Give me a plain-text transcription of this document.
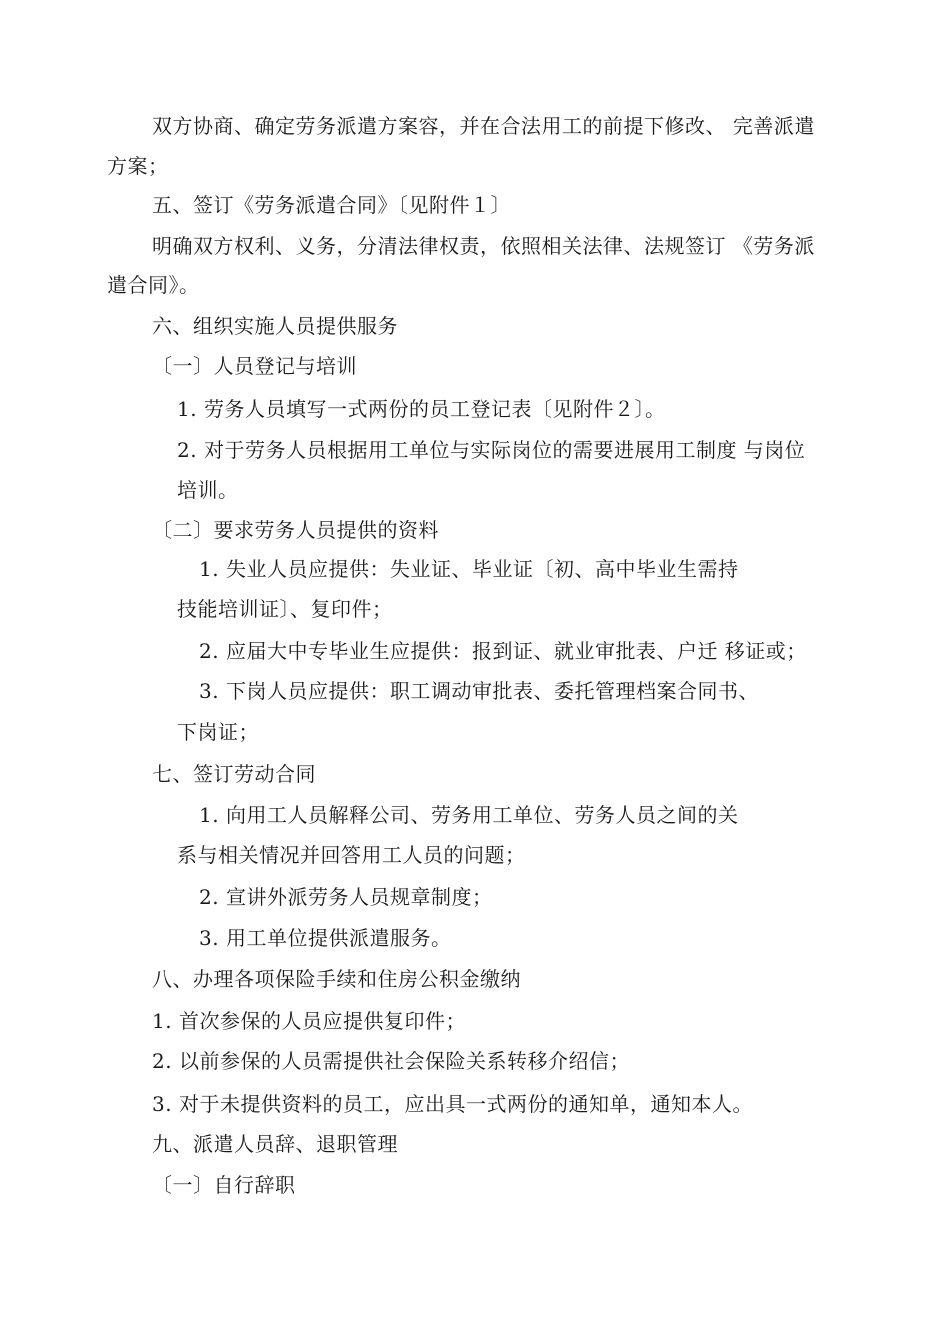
双方协商、确定劳务派遣方案容，并在合法用工的前提下修改、 完善派遣
方案；
五、签订《劳务派遣合同》〔见附件１〕
明确双方权利、义务，分清法律权责，依照相关法律、法规签订 《劳务派
遣合同》。
六、组织实施人员提供服务
〔一〕人员登记与培训
1. 劳务人员填写一式两份的员工登记表〔见附件２〕。
2. 对于劳务人员根据用工单位与实际岗位的需要进展用工制度 与岗位
培训。
〔二〕要求劳务人员提供的资料
1. 失业人员应提供：失业证、毕业证〔初、高中毕业生需持
技能培训证〕、复印件；
2. 应届大中专毕业生应提供：报到证、就业审批表、户迁 移证或；
3. 下岗人员应提供：职工调动审批表、委托管理档案合同书、
下岗证；
七、签订劳动合同
1. 向用工人员解释公司、劳务用工单位、劳务人员之间的关
系与相关情况并回答用工人员的问题；
2. 宣讲外派劳务人员规章制度；
3. 用工单位提供派遣服务。
八、办理各项保险手续和住房公积金缴纳
1. 首次参保的人员应提供复印件；
2. 以前参保的人员需提供社会保险关系转移介绍信；
3. 对于未提供资料的员工，应出具一式两份的通知单，通知本人。
九、派遣人员辞、退职管理
〔一〕自行辞职
